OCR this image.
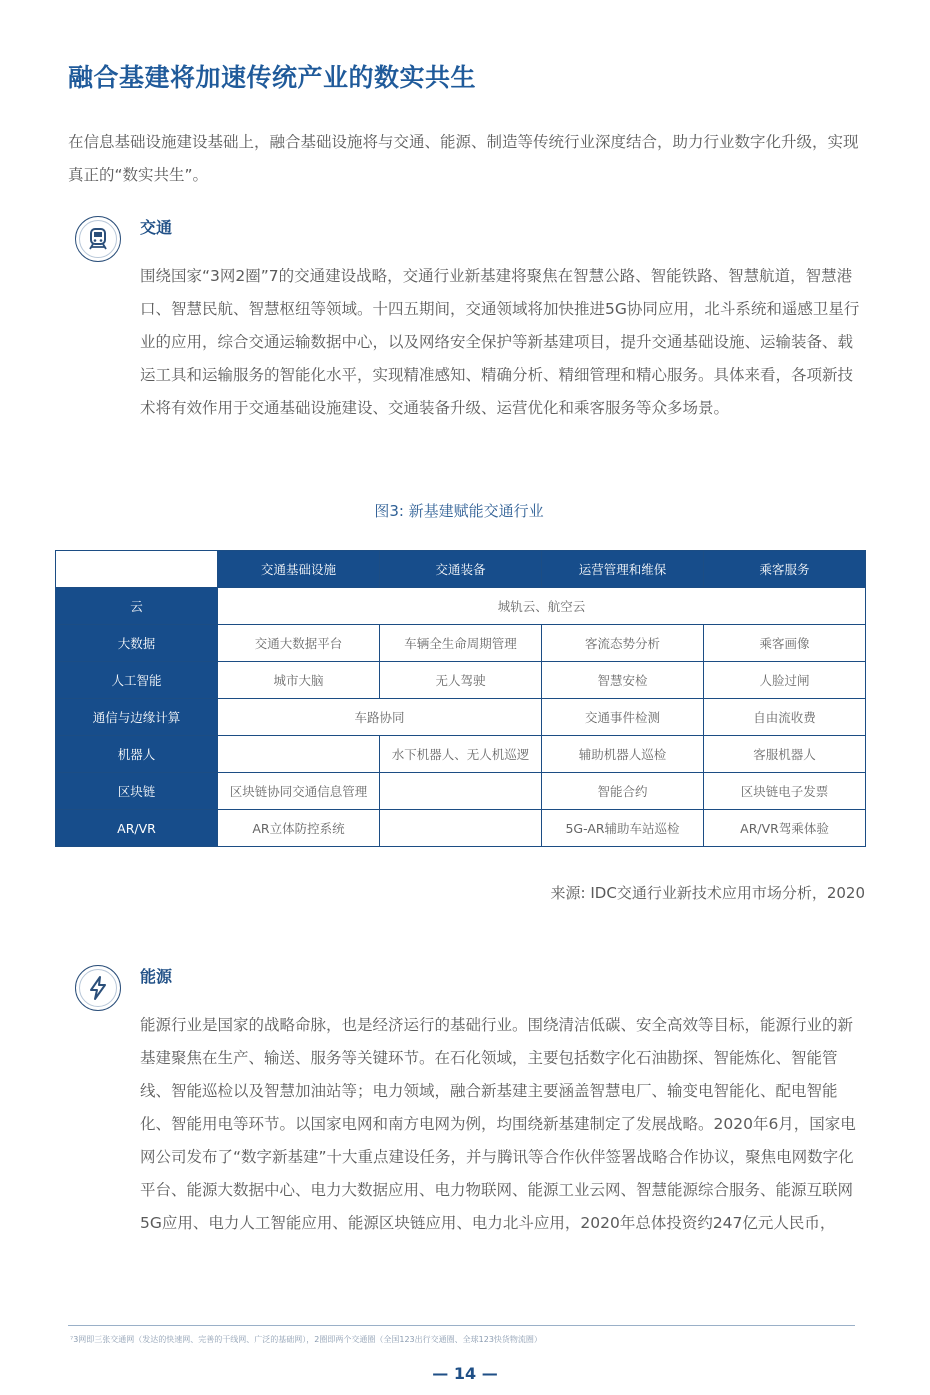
融合基建将加速传统产业的数实共生
在信息基础设施建设基础上，融合基础设施将与交通、能源、制造等传统行业深度结合，助力行业数字化升级，实现真正的“数实共生”。
交通
围绕国家“3网2圈”7的交通建设战略，交通行业新基建将聚焦在智慧公路、智能铁路、智慧航道，智慧港口、智慧民航、智慧枢纽等领域。十四五期间，交通领域将加快推进5G协同应用，北斗系统和遥感卫星行业的应用，综合交通运输数据中心，以及网络安全保护等新基建项目，提升交通基础设施、运输装备、载运工具和运输服务的智能化水平，实现精准感知、精确分析、精细管理和精心服务。具体来看，各项新技术将有效作用于交通基础设施建设、交通装备升级、运营优化和乘客服务等众多场景。
图3: 新基建赋能交通行业
	交通基础设施	交通装备	运营管理和维保	乘客服务
云	城轨云、航空云			
大数据	交通大数据平台	车辆全生命周期管理	客流态势分析	乘客画像
人工智能	城市大脑	无人驾驶	智慧安检	人脸过闸
通信与边缘计算	车路协同		交通事件检测	自由流收费
机器人		水下机器人、无人机巡逻	辅助机器人巡检	客服机器人
区块链	区块链协同交通信息管理		智能合约	区块链电子发票
AR/VR	AR立体防控系统		5G-AR辅助车站巡检	AR/VR驾乘体验
来源: IDC交通行业新技术应用市场分析，2020
能源
能源行业是国家的战略命脉，也是经济运行的基础行业。围绕清洁低碳、安全高效等目标，能源行业的新基建聚焦在生产、输送、服务等关键环节。在石化领域，主要包括数字化石油勘探、智能炼化、智能管线、智能巡检以及智慧加油站等；电力领域，融合新基建主要涵盖智慧电厂、输变电智能化、配电智能化、智能用电等环节。以国家电网和南方电网为例，均围绕新基建制定了发展战略。2020年6月，国家电网公司发布了“数字新基建”十大重点建设任务，并与腾讯等合作伙伴签署战略合作协议，聚焦电网数字化平台、能源大数据中心、电力大数据应用、电力物联网、能源工业云网、智慧能源综合服务、能源互联网5G应用、电力人工智能应用、能源区块链应用、电力北斗应用，2020年总体投资约247亿元人民币，
⁷3网即三张交通网（发达的快速网、完善的干线网、广泛的基础网），2圈即两个交通圈（全国123出行交通圈、全球123快货物流圈）
— 14 —
